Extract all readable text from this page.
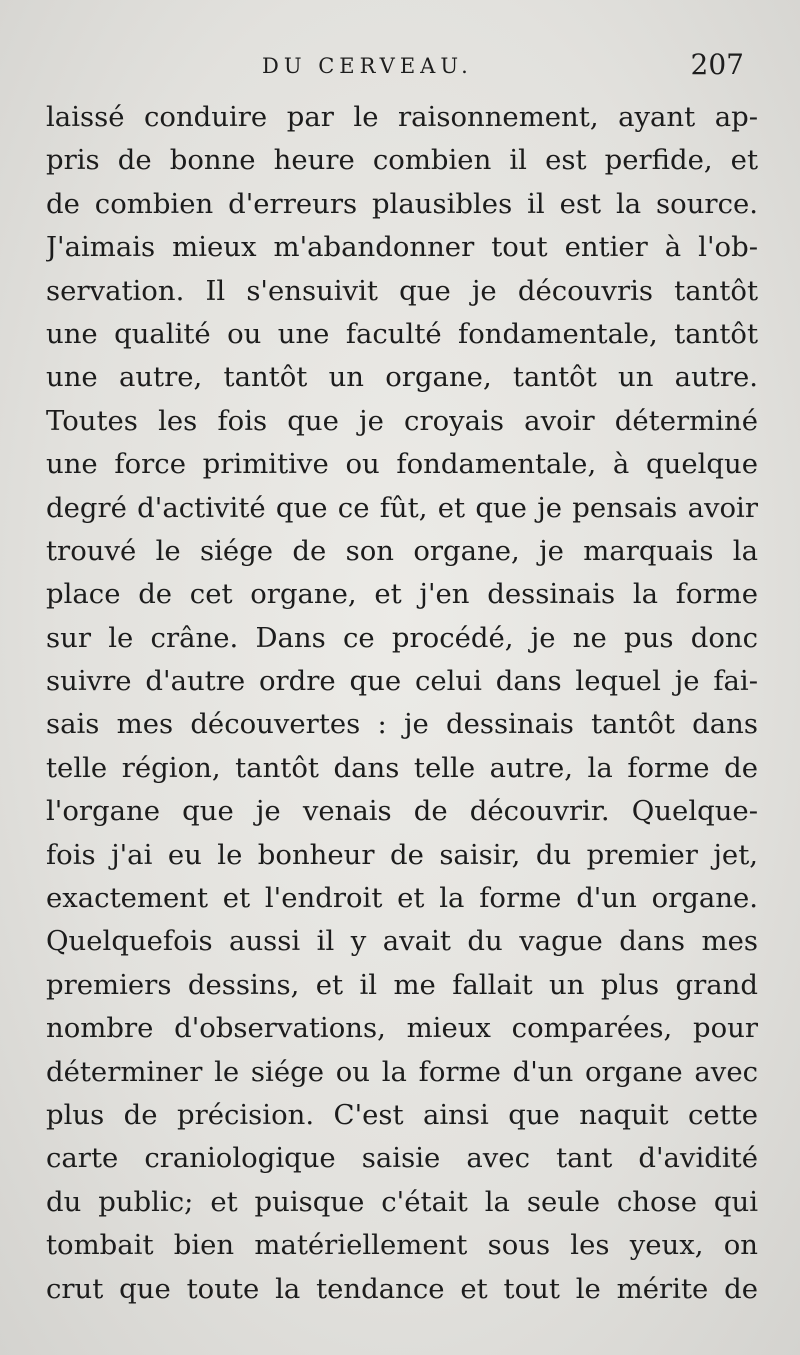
DU CERVEAU.	207
laissé conduire par le raisonnement, ayant ap-
pris de bonne heure combien il est perfide, et
de combien d'erreurs plausibles il est la source.
J'aimais mieux m'abandonner tout entier à l'ob-
servation. Il s'ensuivit que je découvris tantôt
une qualité ou une faculté fondamentale, tantôt
une autre, tantôt un organe, tantôt un autre.
Toutes les fois que je croyais avoir déterminé
une force primitive ou fondamentale, à quelque
degré d'activité que ce fût, et que je pensais avoir
trouvé le siége de son organe, je marquais la
place de cet organe, et j'en dessinais la forme
sur le crâne. Dans ce procédé, je ne pus donc
suivre d'autre ordre que celui dans lequel je fai-
sais mes découvertes : je dessinais tantôt dans
telle région, tantôt dans telle autre, la forme de
l'organe que je venais de découvrir. Quelque-
fois j'ai eu le bonheur de saisir, du premier jet,
exactement et l'endroit et la forme d'un organe.
Quelquefois aussi il y avait du vague dans mes
premiers dessins, et il me fallait un plus grand
nombre d'observations, mieux comparées, pour
déterminer le siége ou la forme d'un organe avec
plus de précision. C'est ainsi que naquit cette
carte craniologique saisie avec tant d'avidité
du public; et puisque c'était la seule chose qui
tombait bien matériellement sous les yeux, on
crut que toute la tendance et tout le mérite de
